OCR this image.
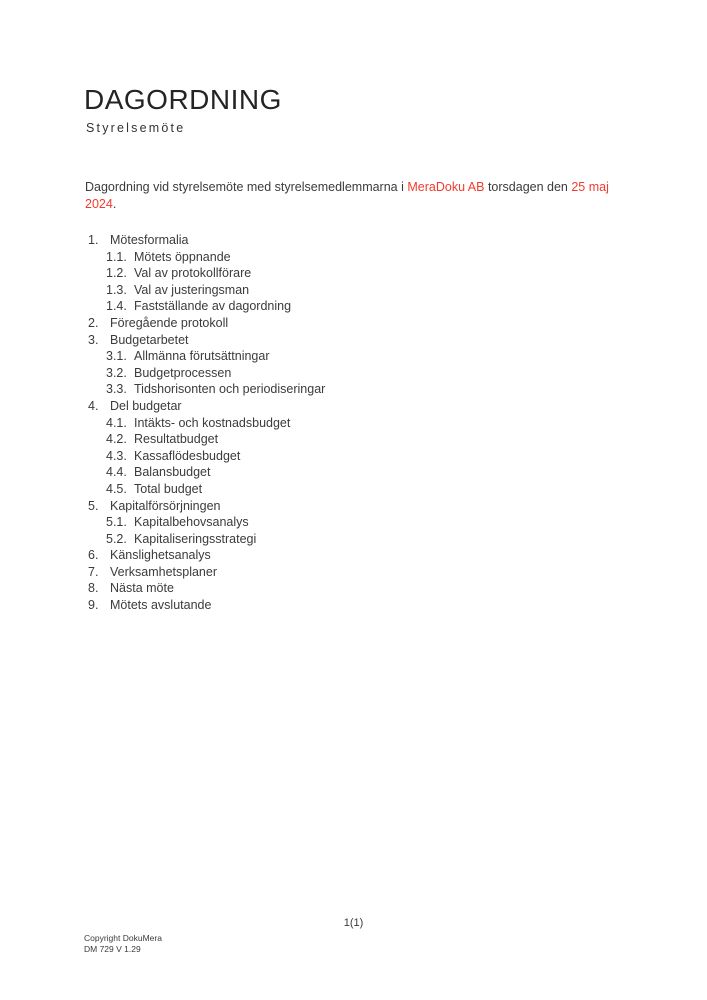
DAGORDNING
Styrelsemöte

Dagordning vid styrelsemöte med styrelsemedlemmarna i MeraDoku AB torsdagen den 25 maj
2024.

1. Mötesformalia
1.1. Mötets öppnande
1.2. Val av protokollförare
1.3. Val av justeringsman
1.4. Fastställande av dagordning
2. Föregående protokoll
3. Budgetarbetet
3.1. Allmänna förutsättningar
3.2. Budgetprocessen
3.3. Tidshorisonten och periodiseringar
4. Del budgetar
4.1. Intäkts- och kostnadsbudget
4.2. Resultatbudget
4.3. Kassaflödesbudget
4.4. Balansbudget
4.5. Total budget
5. Kapitalförsörjningen
5.1. Kapitalbehovsanalys
5.2. Kapitaliseringsstrategi
6. Känslighetsanalys
7. Verksamhetsplaner
8. Nästa möte
9. Mötets avslutande
1(1)
Copyright DokuMera
DM 729 V 1.29
